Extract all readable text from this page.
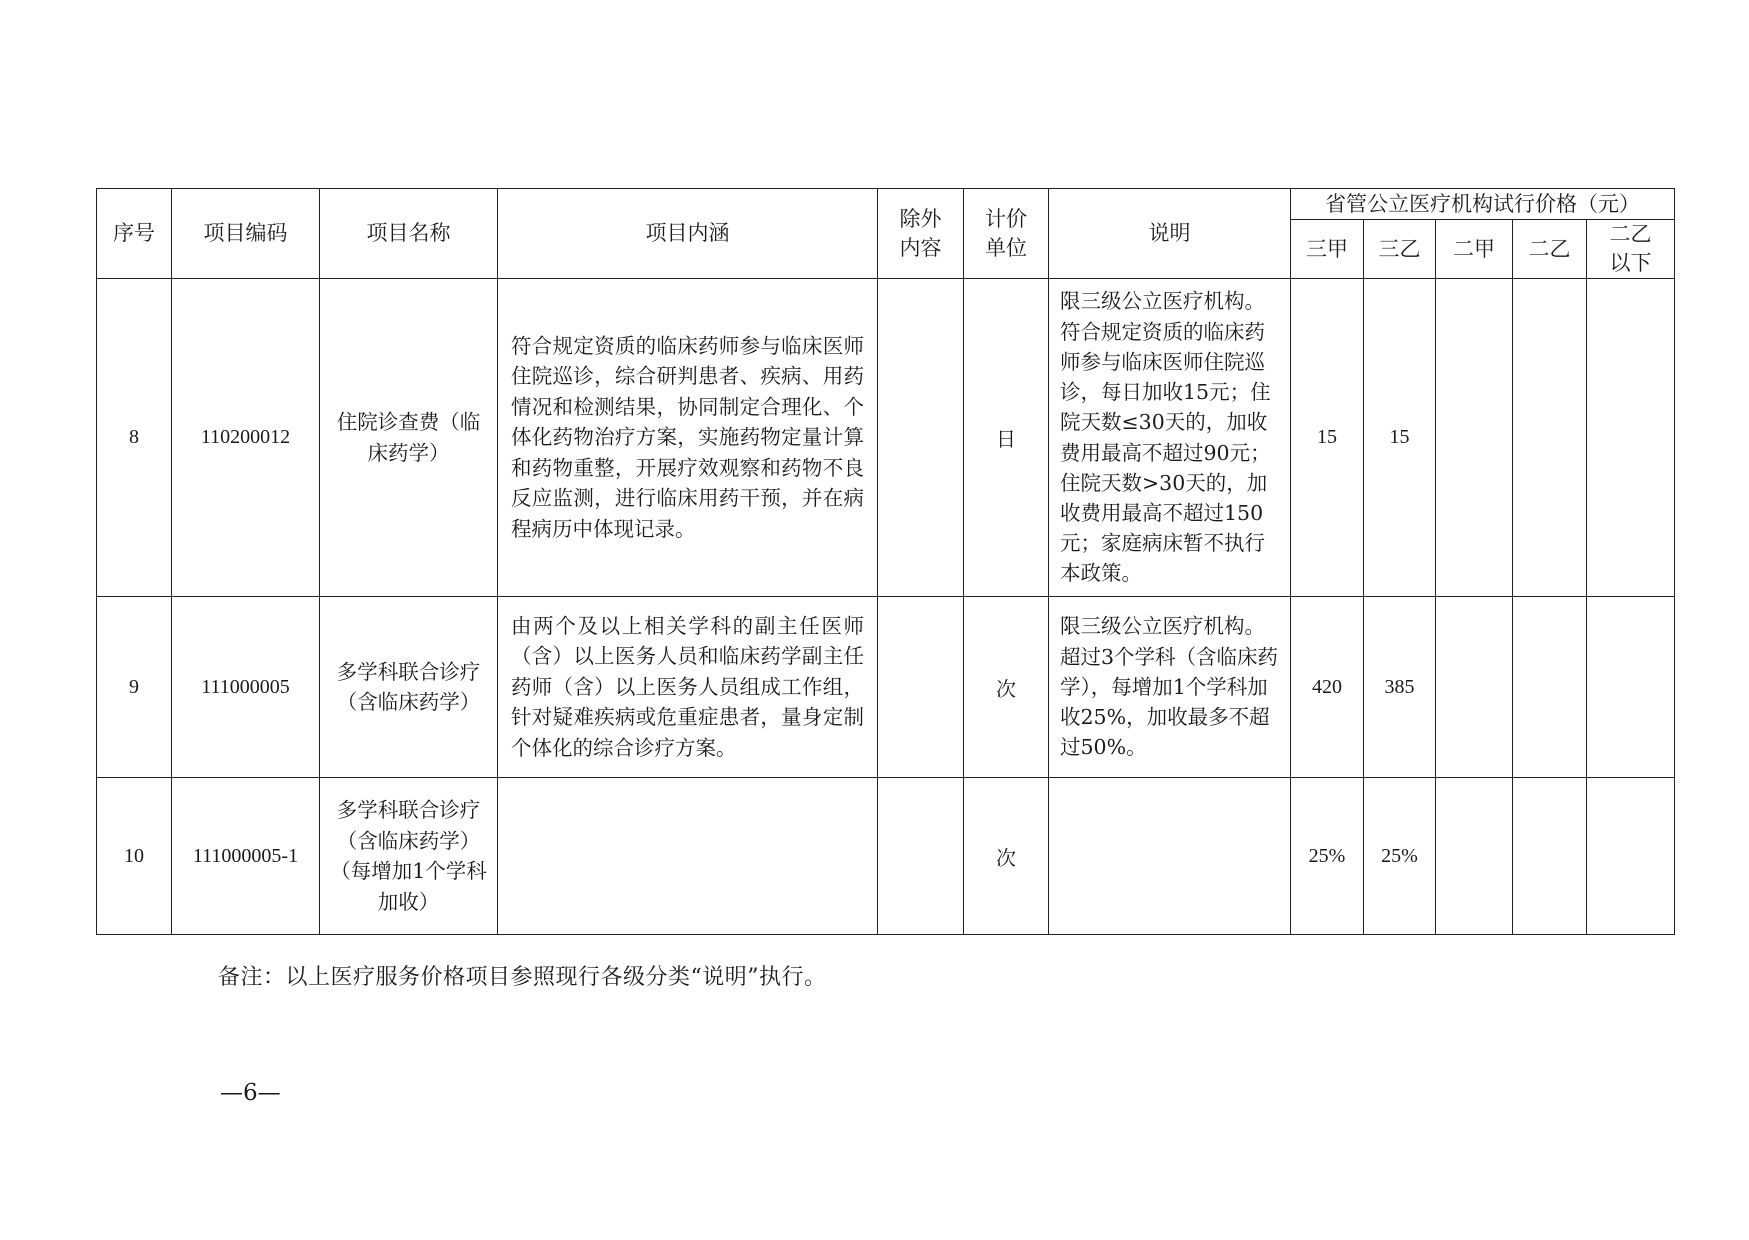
序号	项目编码	项目名称	项目内涵	除外内容	计价单位	说明	省管公立医疗机构试行价格（元）				
							三甲	三乙	二甲	二乙	二乙以下
8	110200012	住院诊查费（临床药学）	符合规定资质的临床药师参与临床医师住院巡诊，综合研判患者、疾病、用药情况和检测结果，协同制定合理化、个体化药物治疗方案，实施药物定量计算和药物重整，开展疗效观察和药物不良反应监测，进行临床用药干预，并在病程病历中体现记录。		日	限三级公立医疗机构。符合规定资质的临床药师参与临床医师住院巡诊，每日加收15元；住院天数≤30天的，加收费用最高不超过90元；住院天数>30天的，加收费用最高不超过150元；家庭病床暂不执行本政策。	15	15			
9	111000005	多学科联合诊疗（含临床药学）	由两个及以上相关学科的副主任医师（含）以上医务人员和临床药学副主任药师（含）以上医务人员组成工作组，针对疑难疾病或危重症患者，量身定制个体化的综合诊疗方案。		次	限三级公立医疗机构。超过3个学科（含临床药学），每增加1个学科加收25%，加收最多不超过50%。	420	385			
10	111000005-1	多学科联合诊疗（含临床药学）（每增加1个学科加收）			次		25%	25%			
备注：以上医疗服务价格项目参照现行各级分类“说明”执行。
—6—
